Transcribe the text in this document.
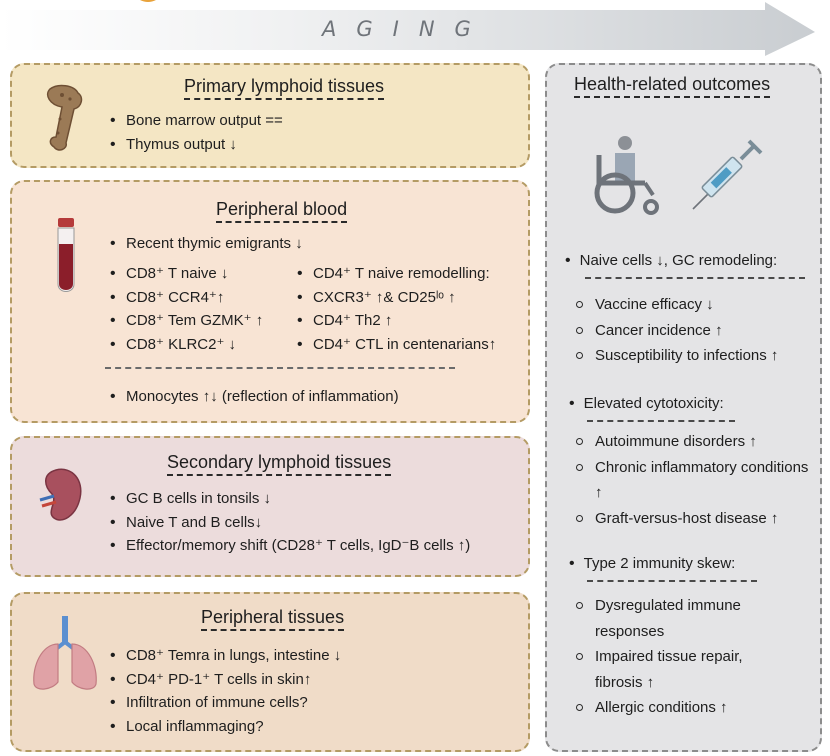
AGING
Primary lymphoid tissues
• Bone marrow output ==
• Thymus output ↓
Peripheral blood
• Recent thymic emigrants ↓
• CD8⁺ T naive ↓
• CD8⁺ CCR4⁺↑
• CD8⁺ Tem GZMK⁺ ↑
• CD8⁺ KLRC2⁺ ↓
• CD4⁺ T naive remodelling:
• CXCR3⁺ ↑& CD25ˡᵒ ↑
• CD4⁺ Th2 ↑
• CD4⁺ CTL in centenarians↑
• Monocytes ↑↓ (reflection of inflammation)
Secondary lymphoid tissues
• GC B cells in tonsils ↓
• Naive T and B cells↓
• Effector/memory shift (CD28⁺ T cells, IgD⁻B cells ↑)
Peripheral tissues
• CD8⁺ Temra in lungs, intestine ↓
• CD4⁺ PD-1⁺ T cells in skin↑
• Infiltration of immune cells?
• Local inflammaging?
Health-related outcomes
• Naive cells ↓, GC remodeling:
Vaccine efficacy ↓
Cancer incidence ↑
Susceptibility to infections ↑
• Elevated cytotoxicity:
Autoimmune disorders ↑
Chronic inflammatory conditions ↑
Graft-versus-host disease ↑
• Type 2 immunity skew:
Dysregulated immune responses
Impaired tissue repair, fibrosis ↑
Allergic conditions ↑
